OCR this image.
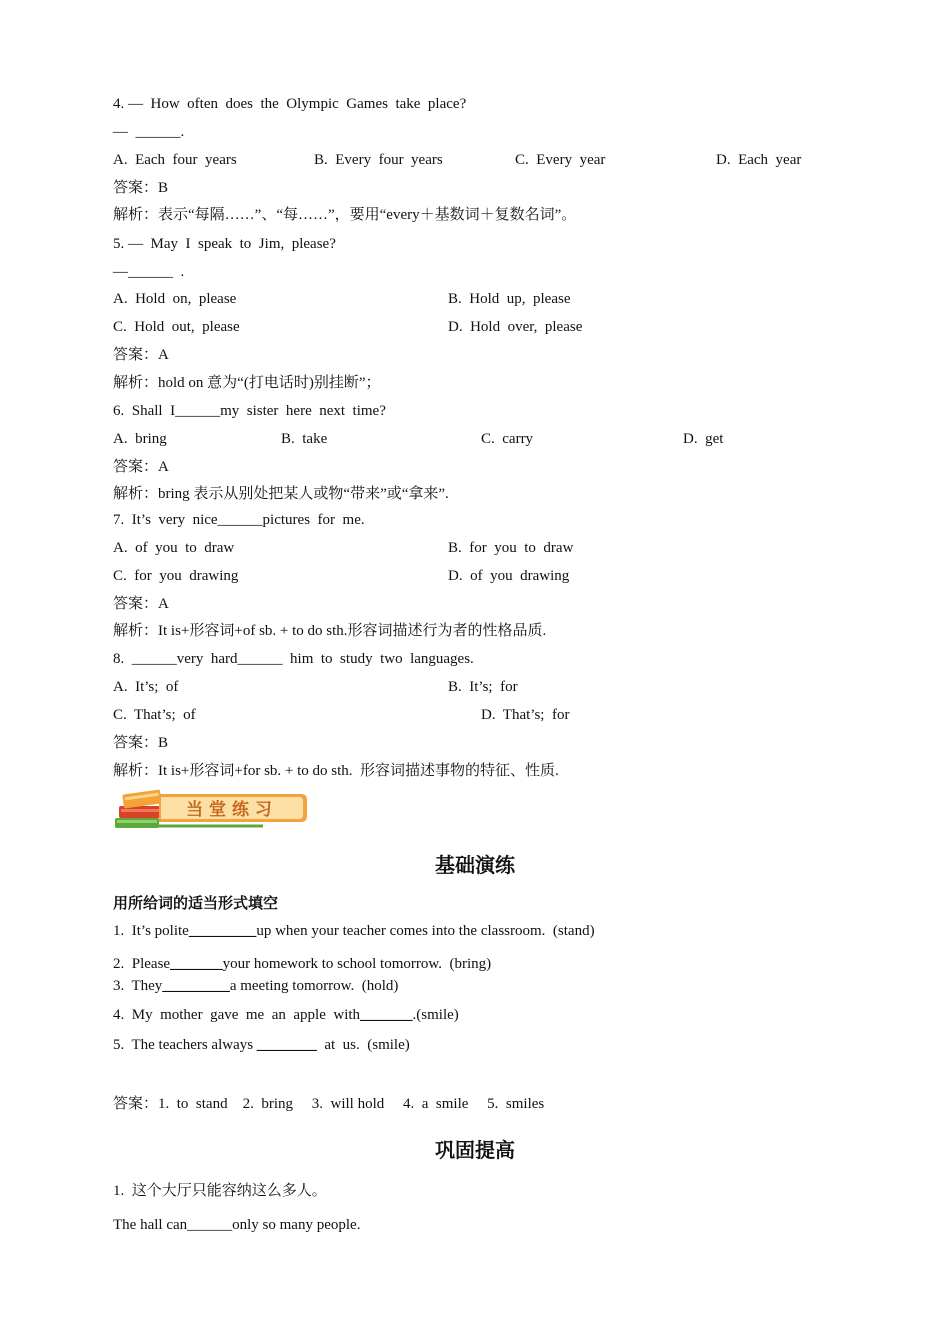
4. —  How  often  does  the  Olympic  Games  take  place?
—  ______.
A.  Each  four  years	B.  Every  four  years	C.  Every  year	D.  Each  year
答案：B
解析：表示“每隔……”、“每……”，要用“every＋基数词＋复数名词”。
5. —  May  I  speak  to  Jim,  please?
—______  .
A.  Hold  on,  please	B.  Hold  up,  please
C.  Hold  out,  please	D.  Hold  over,  please
答案：A
解析：hold on 意为“(打电话时)别挂断”；
6.  Shall  I______my  sister  here  next  time?
A.  bring	B.  take	C.  carry	D.  get
答案：A
解析：bring 表示从别处把某人或物“带来”或“拿来”.
7.  It’s  very  nice______pictures  for  me.
A.  of  you  to  draw	B.  for  you  to  draw
C.  for  you  drawing	D.  of  you  drawing
答案：A
解析：It is+形容词+of sb. + to do sth.形容词描述行为者的性格品质.
8.  ______very  hard______  him  to  study  two  languages.
A.  It’s;  of	B.  It’s;  for
C.  That’s;  of	D.  That’s;  for
答案：B
解析：It is+形容词+for sb. + to do sth.  形容词描述事物的特征、性质.
当 堂 练 习
基础演练
用所给词的适当形式填空
1.  It’s polite_________up when your teacher comes into the classroom.  (stand)
2.  Please_______your homework to school tomorrow.  (bring)
3.  They_________a meeting tomorrow.  (hold)
4.  My  mother  gave  me  an  apple  with_______.(smile)
5.  The teachers always ________  at  us.  (smile)
答案：1.  to  stand    2.  bring     3.  will hold     4.  a  smile     5.  smiles
巩固提高
1.  这个大厅只能容纳这么多人。
The hall can______only so many people.
